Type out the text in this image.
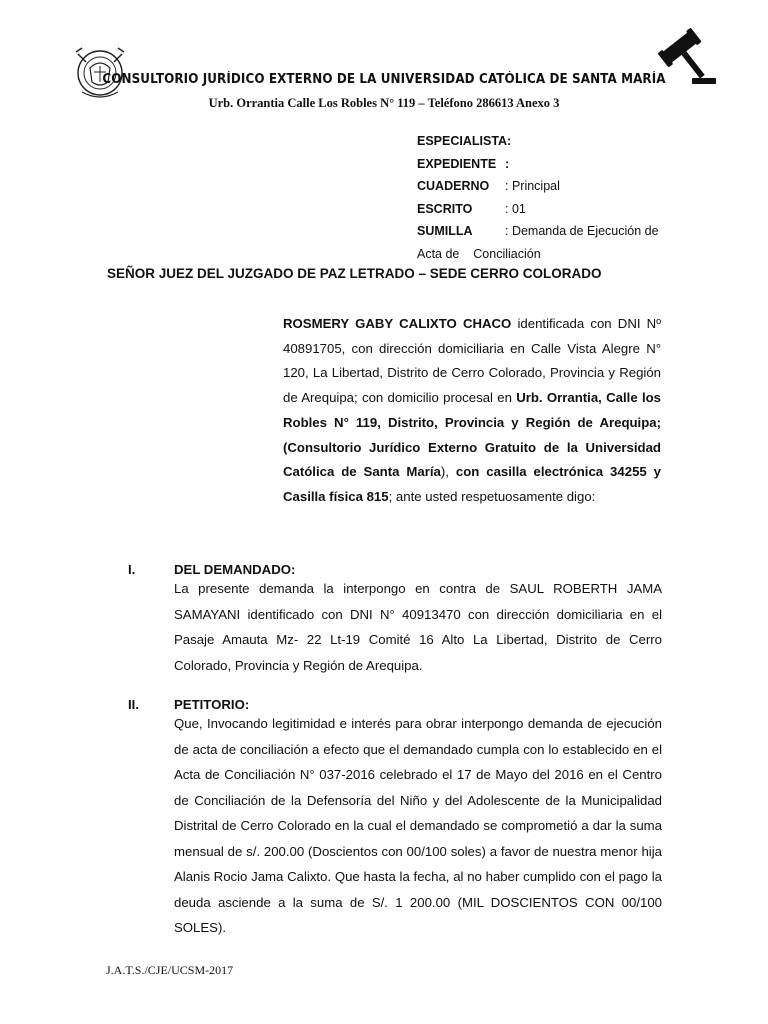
CONSULTORIO JURÍDICO EXTERNO DE LA UNIVERSIDAD CATÓLICA DE SANTA MARÍA
Urb. Orrantia Calle Los Robles N° 119 – Teléfono 286613 Anexo 3
ESPECIALISTA:
EXPEDIENTE :
CUADERNO	: Principal
ESCRITO	: 01
SUMILLA	: Demanda de Ejecución de
Acta de    Conciliación
SEÑOR JUEZ DEL JUZGADO DE PAZ LETRADO – SEDE CERRO COLORADO
ROSMERY GABY CALIXTO CHACO identificada con DNI Nº 40891705, con dirección domiciliaria en Calle Vista Alegre N° 120, La Libertad, Distrito de Cerro Colorado, Provincia y Región de Arequipa; con domicilio procesal en Urb. Orrantia, Calle los Robles N° 119, Distrito, Provincia y Región de Arequipa; (Consultorio Jurídico Externo Gratuito de la Universidad Católica de Santa María), con casilla electrónica 34255 y Casilla física 815; ante usted respetuosamente digo:
I.	DEL DEMANDADO:
La presente demanda la interpongo en contra de SAUL ROBERTH JAMA SAMAYANI identificado con DNI N° 40913470 con dirección domiciliaria en el Pasaje Amauta Mz- 22 Lt-19 Comité 16 Alto La Libertad, Distrito de Cerro Colorado, Provincia y Región de Arequipa.
II.	PETITORIO:
Que, Invocando legitimidad e interés para obrar interpongo demanda de ejecución de acta de conciliación a efecto que el demandado cumpla con lo establecido en el Acta de Conciliación N° 037-2016 celebrado el 17 de Mayo del 2016 en el Centro de Conciliación de la Defensoría del Niño y del Adolescente de la Municipalidad Distrital de Cerro Colorado en la cual el demandado se comprometió a dar la suma mensual de s/. 200.00 (Doscientos con 00/100 soles) a favor de nuestra menor hija Alanis Rocio Jama Calixto. Que hasta la fecha, al no haber cumplido con el pago la deuda asciende a la suma de S/. 1 200.00 (MIL DOSCIENTOS CON 00/100 SOLES).
J.A.T.S./CJE/UCSM-2017
